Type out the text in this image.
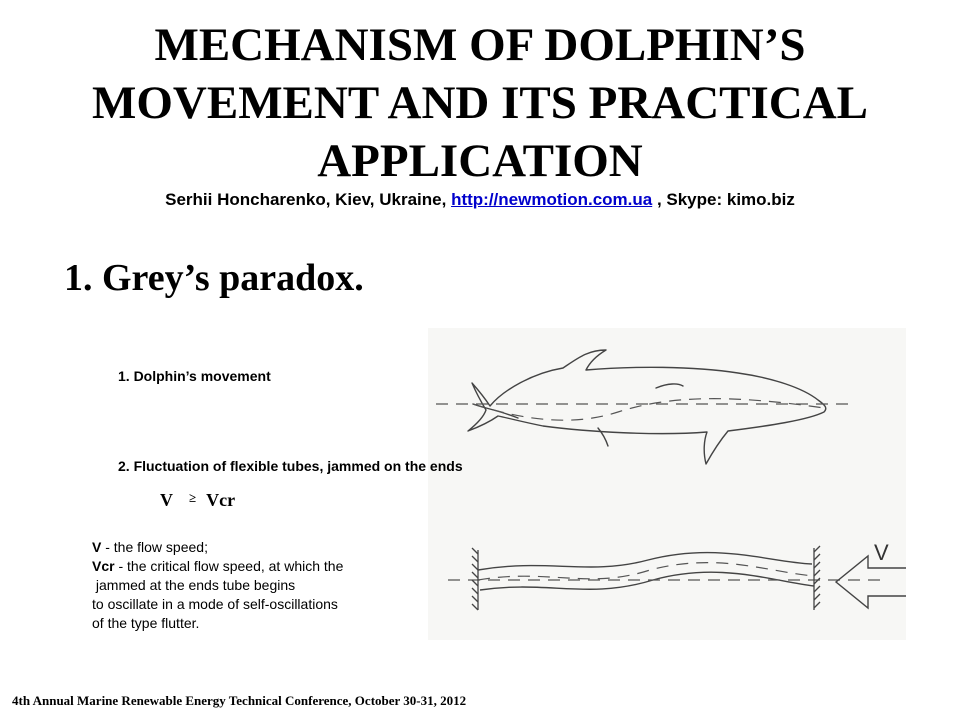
MECHANISM OF DOLPHIN’S
MOVEMENT AND ITS PRACTICAL
APPLICATION
Serhii Honcharenko, Kiev, Ukraine, http://newmotion.com.ua , Skype: kimo.biz
1. Grey’s paradox.
V
1. Dolphin’s movement
2. Fluctuation of flexible tubes, jammed on the ends
V ≥ Vcr
V - the flow speed;
Vcr - the critical flow speed, at which the
jammed at the ends tube begins
to oscillate in a mode of self-oscillations
of the type flutter.
4th Annual Marine Renewable Energy Technical Conference, October 30-31, 2012
